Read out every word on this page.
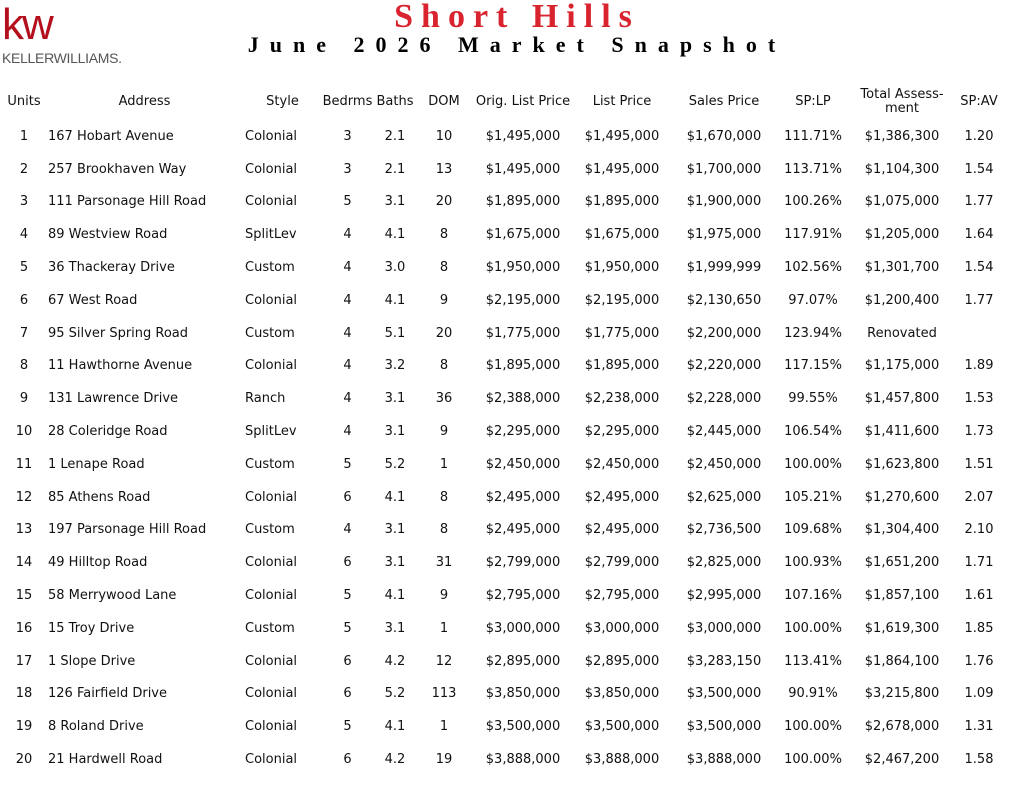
kw
KELLERWILLIAMS.
Short Hills
June 2026 Market Snapshot
Units	Address	Style	Bedrms	Baths	DOM	Orig. List Price	List Price	Sales Price	SP:LP	Total Assess-
ment	SP:AV
1	167 Hobart Avenue	Colonial	3	2.1	10	$1,495,000	$1,495,000	$1,670,000	111.71%	$1,386,300	1.20
2	257 Brookhaven Way	Colonial	3	2.1	13	$1,495,000	$1,495,000	$1,700,000	113.71%	$1,104,300	1.54
3	111 Parsonage Hill Road	Colonial	5	3.1	20	$1,895,000	$1,895,000	$1,900,000	100.26%	$1,075,000	1.77
4	89 Westview Road	SplitLev	4	4.1	8	$1,675,000	$1,675,000	$1,975,000	117.91%	$1,205,000	1.64
5	36 Thackeray Drive	Custom	4	3.0	8	$1,950,000	$1,950,000	$1,999,999	102.56%	$1,301,700	1.54
6	67 West Road	Colonial	4	4.1	9	$2,195,000	$2,195,000	$2,130,650	97.07%	$1,200,400	1.77
7	95 Silver Spring Road	Custom	4	5.1	20	$1,775,000	$1,775,000	$2,200,000	123.94%	Renovated	
8	11 Hawthorne Avenue	Colonial	4	3.2	8	$1,895,000	$1,895,000	$2,220,000	117.15%	$1,175,000	1.89
9	131 Lawrence Drive	Ranch	4	3.1	36	$2,388,000	$2,238,000	$2,228,000	99.55%	$1,457,800	1.53
10	28 Coleridge Road	SplitLev	4	3.1	9	$2,295,000	$2,295,000	$2,445,000	106.54%	$1,411,600	1.73
11	1 Lenape Road	Custom	5	5.2	1	$2,450,000	$2,450,000	$2,450,000	100.00%	$1,623,800	1.51
12	85 Athens Road	Colonial	6	4.1	8	$2,495,000	$2,495,000	$2,625,000	105.21%	$1,270,600	2.07
13	197 Parsonage Hill Road	Custom	4	3.1	8	$2,495,000	$2,495,000	$2,736,500	109.68%	$1,304,400	2.10
14	49 Hilltop Road	Colonial	6	3.1	31	$2,799,000	$2,799,000	$2,825,000	100.93%	$1,651,200	1.71
15	58 Merrywood Lane	Colonial	5	4.1	9	$2,795,000	$2,795,000	$2,995,000	107.16%	$1,857,100	1.61
16	15 Troy Drive	Custom	5	3.1	1	$3,000,000	$3,000,000	$3,000,000	100.00%	$1,619,300	1.85
17	1 Slope Drive	Colonial	6	4.2	12	$2,895,000	$2,895,000	$3,283,150	113.41%	$1,864,100	1.76
18	126 Fairfield Drive	Colonial	6	5.2	113	$3,850,000	$3,850,000	$3,500,000	90.91%	$3,215,800	1.09
19	8 Roland Drive	Colonial	5	4.1	1	$3,500,000	$3,500,000	$3,500,000	100.00%	$2,678,000	1.31
20	21 Hardwell Road	Colonial	6	4.2	19	$3,888,000	$3,888,000	$3,888,000	100.00%	$2,467,200	1.58
